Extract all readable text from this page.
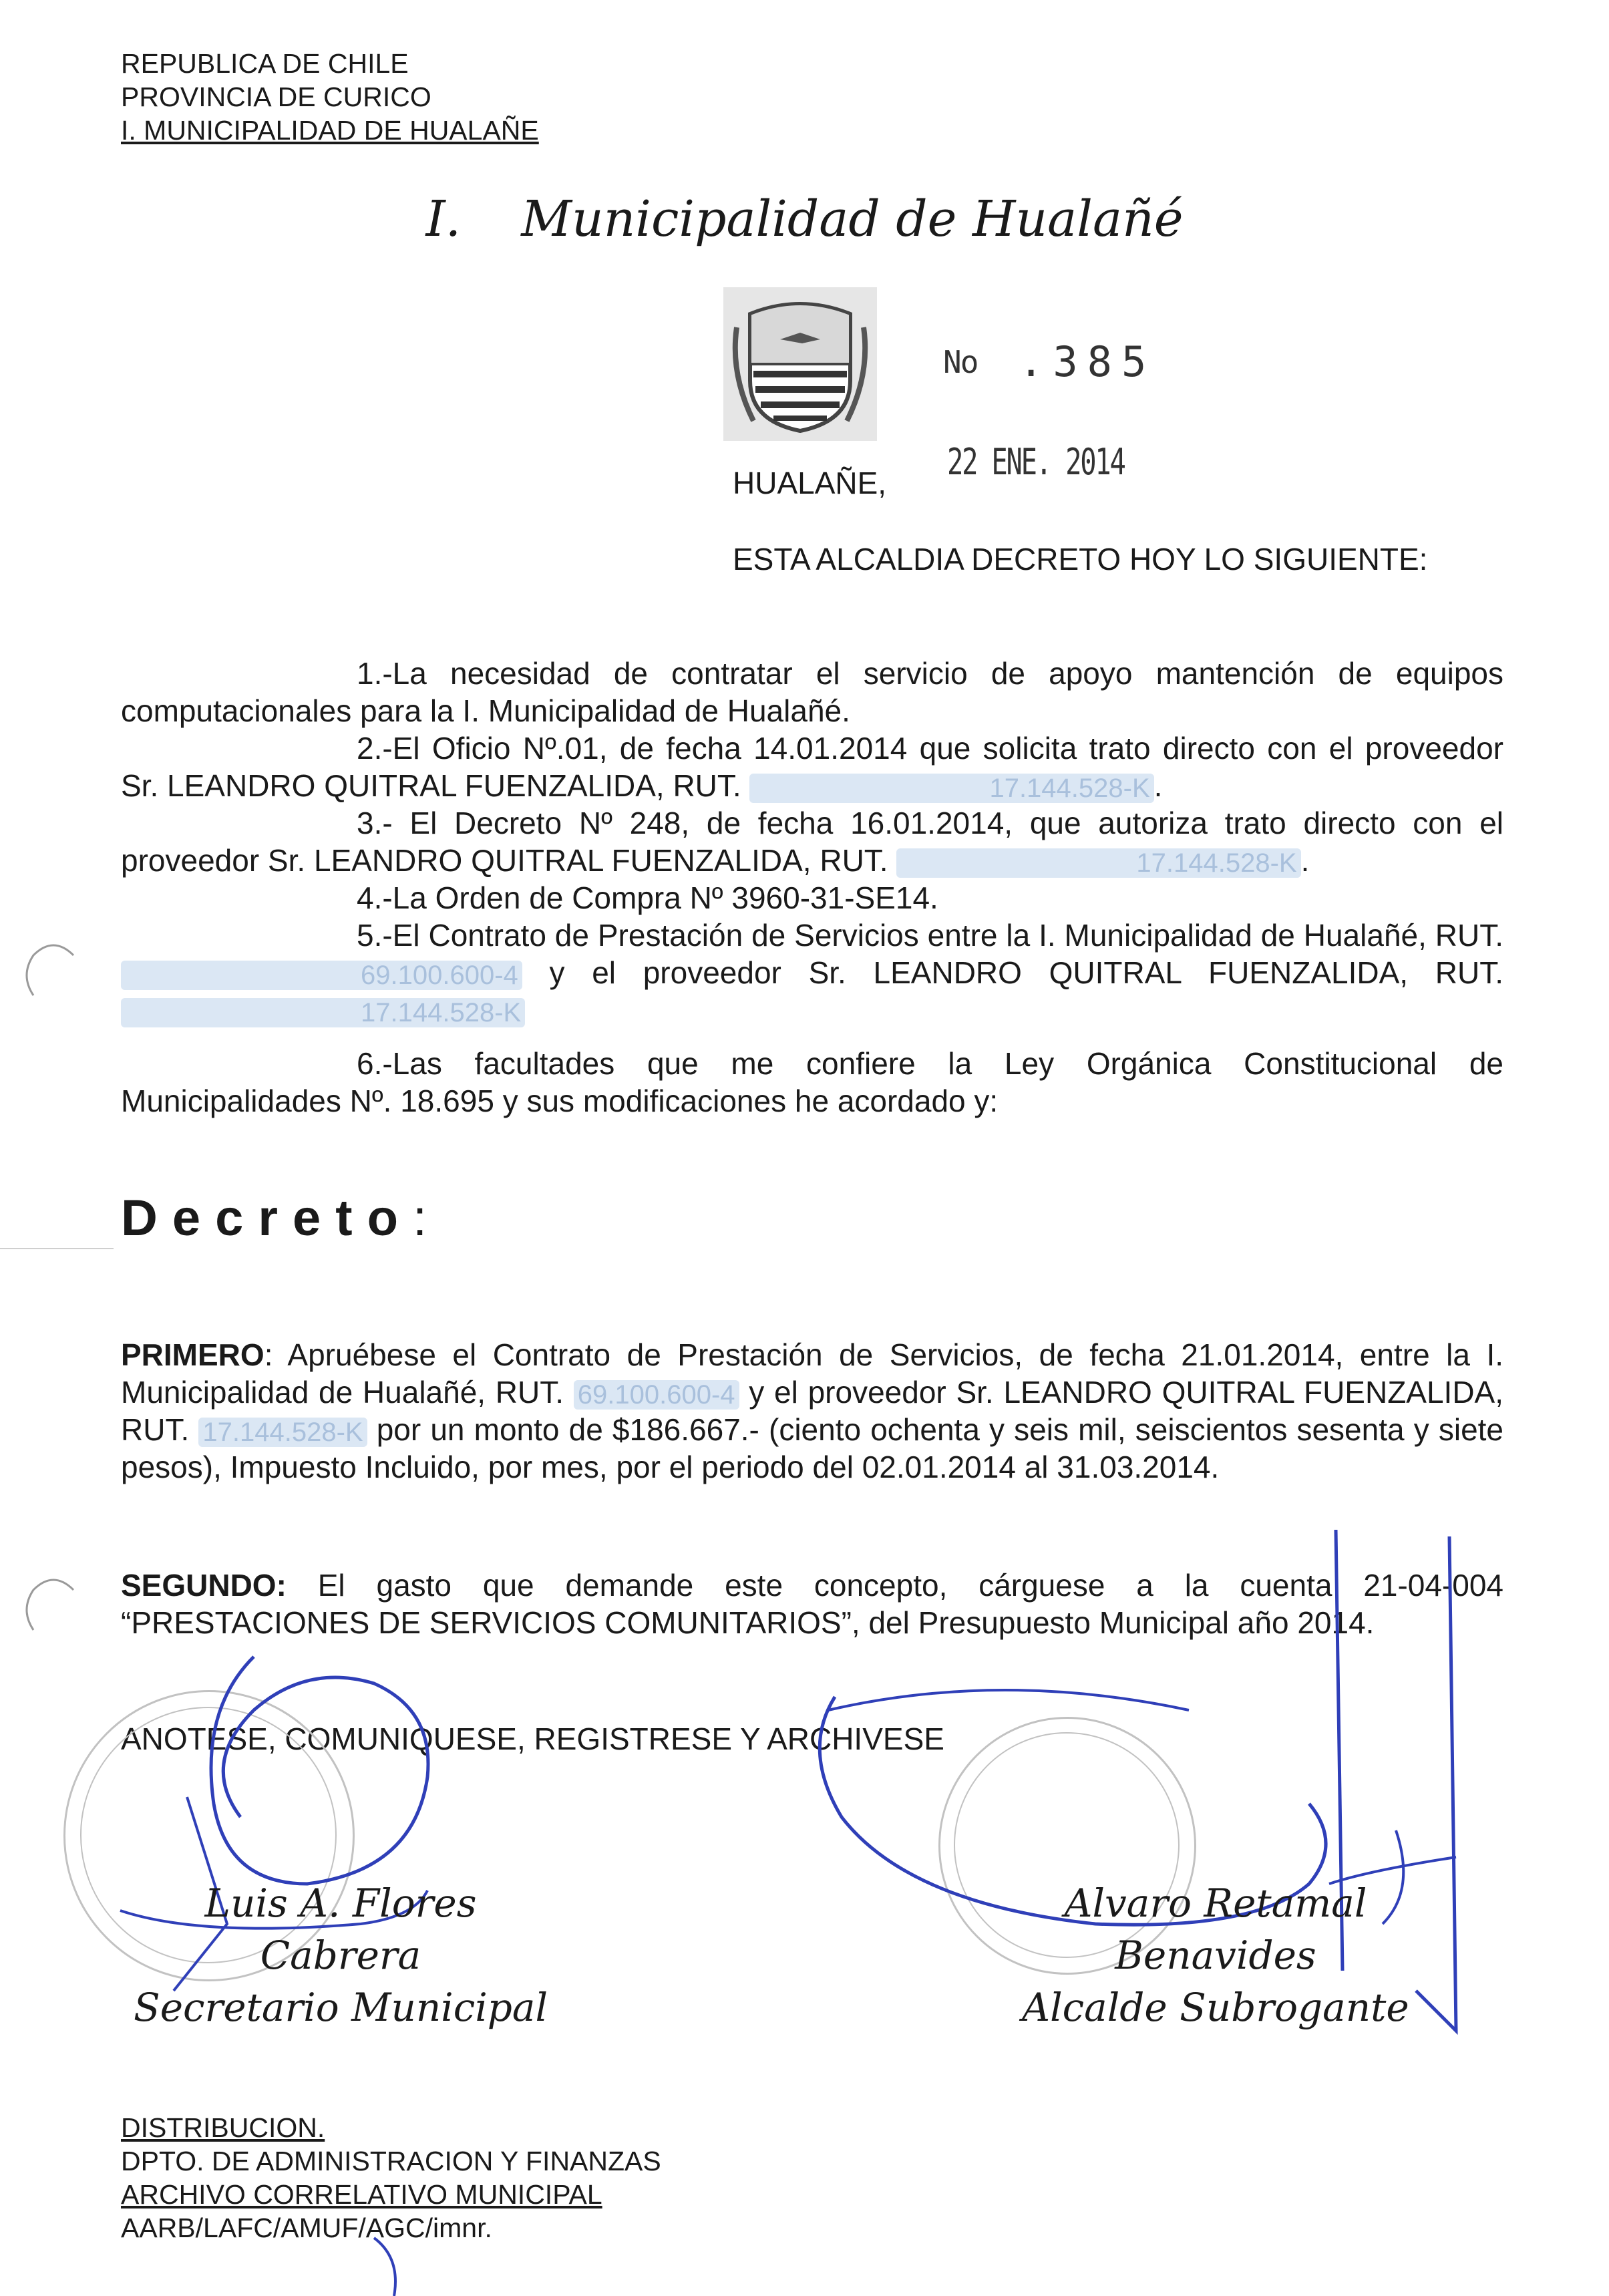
REPUBLICA DE CHILE
PROVINCIA DE CURICO
I. MUNICIPALIDAD DE HUALAÑE
I. Municipalidad de Hualañé
No .385
HUALAÑE, 22 ENE. 2014
ESTA ALCALDIA DECRETO HOY LO SIGUIENTE:
1.-La necesidad de contratar el servicio de apoyo mantención de equipos computacionales para la I. Municipalidad de Hualañé.
2.-El Oficio Nº.01, de fecha 14.01.2014 que solicita trato directo con el proveedor Sr. LEANDRO QUITRAL FUENZALIDA, RUT.	17.144.528-K .
3.- El Decreto Nº 248, de fecha 16.01.2014, que autoriza trato directo con el proveedor Sr. LEANDRO QUITRAL FUENZALIDA, RUT.	17.144.528-K .
4.-La Orden de Compra Nº 3960-31-SE14.
5.-El Contrato de Prestación de Servicios entre la I. Municipalidad de Hualañé, RUT. 69.100.600-4 y el proveedor Sr. LEANDRO QUITRAL FUENZALIDA, RUT. 17.144.528-K
6.-Las facultades que me confiere la Ley Orgánica Constitucional de Municipalidades Nº. 18.695 y sus modificaciones he acordado y:
Decreto:
PRIMERO: Apruébese el Contrato de Prestación de Servicios, de fecha 21.01.2014, entre la I. Municipalidad de Hualañé, RUT. 69.100.600-4 y el proveedor Sr. LEANDRO QUITRAL FUENZALIDA, RUT. 17.144.528-K por un monto de $186.667.- (ciento ochenta y seis mil, seiscientos sesenta y siete pesos), Impuesto Incluido, por mes, por el periodo del 02.01.2014 al 31.03.2014.
SEGUNDO: El gasto que demande este concepto, cárguese a la cuenta 21-04-004 “PRESTACIONES DE SERVICIOS COMUNITARIOS”, del Presupuesto Municipal año 2014.
ANOTESE, COMUNIQUESE, REGISTRESE Y ARCHIVESE
Luis A. Flores Cabrera
Secretario Municipal
Alvaro Retamal Benavides
Alcalde Subrogante
DISTRIBUCION.
DPTO. DE ADMINISTRACION Y FINANZAS
ARCHIVO CORRELATIVO MUNICIPAL
AARB/LAFC/AMUF/AGC/imnr.
